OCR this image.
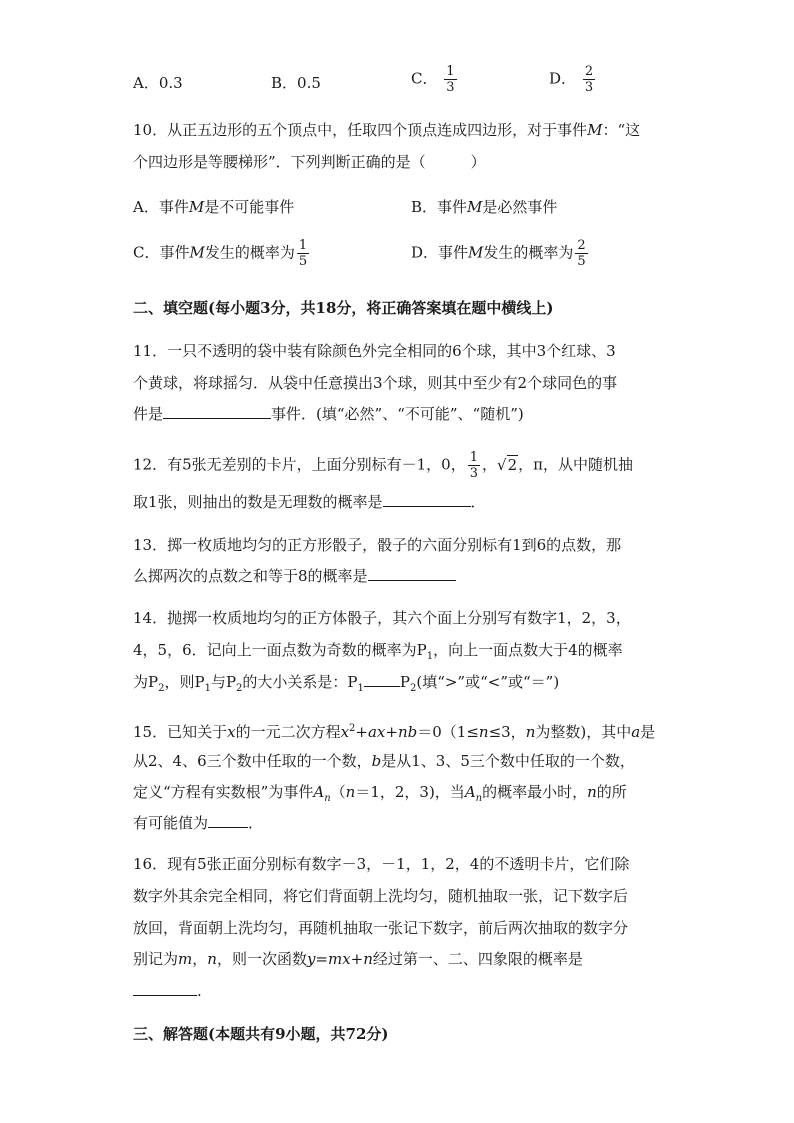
A．0.3	B．0.5	C． $\frac{1}{3}$	D． $\frac{2}{3}$
10．从正五边形的五个顶点中，任取四个顶点连成四边形，对于事件M：“这
个四边形是等腰梯形”．下列判断正确的是（　　　）
A．事件M是不可能事件	B．事件M是必然事件
C．事件M发生的概率为 $\frac{1}{5}$	D．事件M发生的概率为 $\frac{2}{5}$
二、填空题(每小题3分，共18分，将正确答案填在题中横线上)
11．一只不透明的袋中装有除颜色外完全相同的6个球，其中3个红球、3
个黄球，将球摇匀．从袋中任意摸出3个球，则其中至少有2个球同色的事
件是	事件．(填“必然”、“不可能”、“随机”)
12．有5张无差别的卡片，上面分别标有－1，0， $\frac{1}{3}$ ，√2，π，从中随机抽
取1张，则抽出的数是无理数的概率是	．
13．掷一枚质地均匀的正方形骰子，骰子的六面分别标有1到6的点数，那
么掷两次的点数之和等于8的概率是
14．抛掷一枚质地均匀的正方体骰子，其六个面上分别写有数字1，2，3，
4，5，6．记向上一面点数为奇数的概率为$P_1$，向上一面点数大于4的概率
为$P_2$，则$P_1$与$P_2$的大小关系是：$P_1$ $P_2$(填“>”或“<”或“＝”)
15．已知关于x的一元二次方程$x^2+ax+nb=0(1\le n\le 3$，n为整数)，其中a是
从2、4、6三个数中任取的一个数，b是从1、3、5三个数中任取的一个数，
定义“方程有实数根”为事件$A_n(n=1$，2，3)，当$A_n$的概率最小时，n的所
有可能值为	．
16．现有5张正面分别标有数字－3，－1，1，2，4的不透明卡片，它们除
数字外其余完全相同，将它们背面朝上洗均匀，随机抽取一张，记下数字后
放回，背面朝上洗均匀，再随机抽取一张记下数字，前后两次抽取的数字分
别记为m，n，则一次函数y=mx+n经过第一、二、四象限的概率是
.
三、解答题(本题共有9小题，共72分)
